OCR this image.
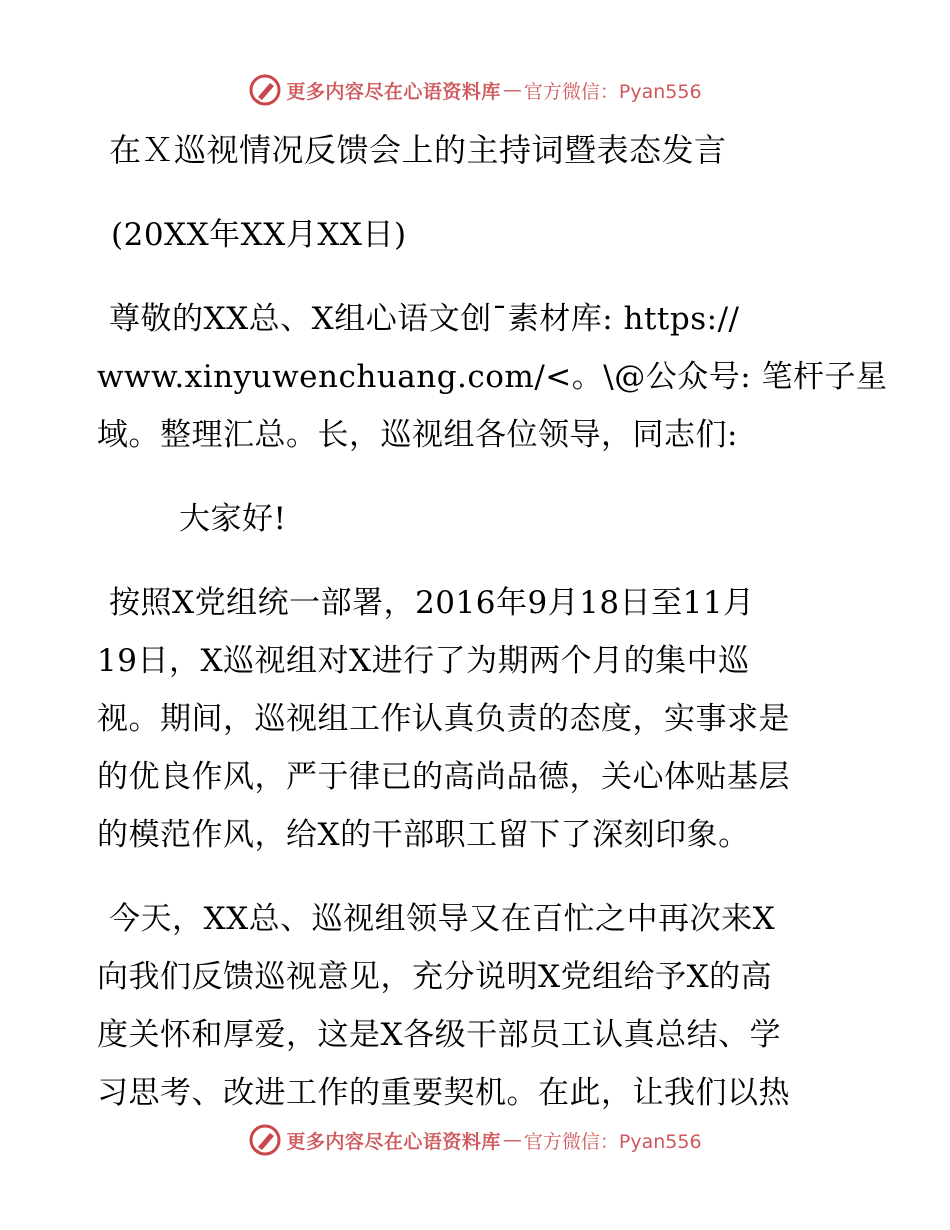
更多内容尽在心语资料库 — 官方微信：Pyan556
在Ｘ巡视情况反馈会上的主持词暨表态发言
(20XX年XX月XX日)
尊敬的XX总、X组心语文创¯素材库: https://
www.xinyuwenchuang.com/<。\@公众号: 笔杆子星
域。整理汇总。长，巡视组各位领导，同志们:
大家好!
按照X党组统一部署，2016年9月18日至11月
19日，X巡视组对X进行了为期两个月的集中巡
视。期间，巡视组工作认真负责的态度，实事求是
的优良作风，严于律已的高尚品德，关心体贴基层
的模范作风，给X的干部职工留下了深刻印象。
今天，XX总、巡视组领导又在百忙之中再次来X
向我们反馈巡视意见，充分说明X党组给予X的高
度关怀和厚爱，这是X各级干部员工认真总结、学
习思考、改进工作的重要契机。在此，让我们以热
更多内容尽在心语资料库 — 官方微信：Pyan556
